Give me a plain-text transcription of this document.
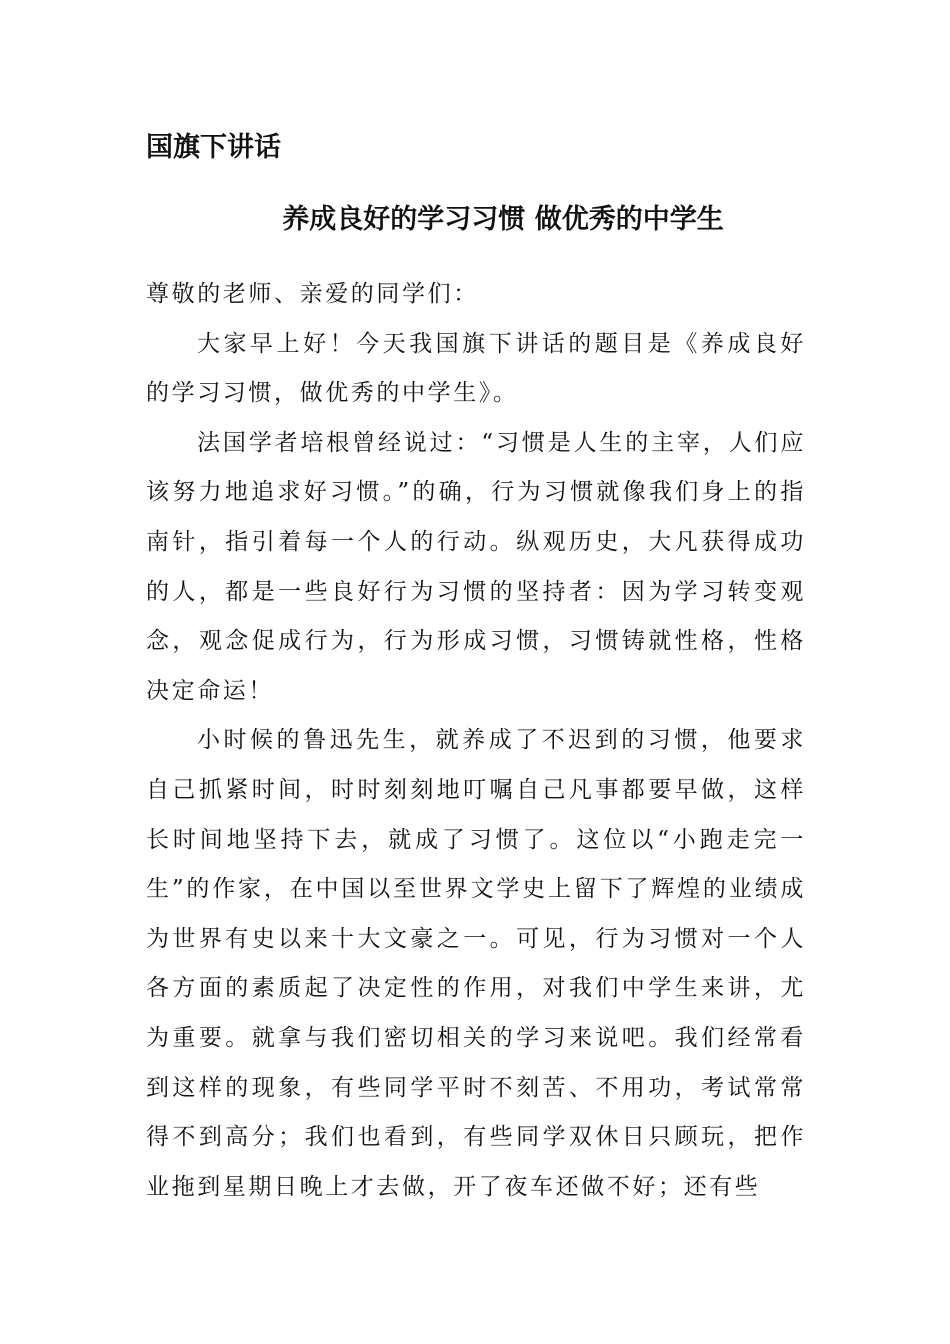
国旗下讲话
养成良好的学习习惯 做优秀的中学生

尊敬的老师、亲爱的同学们：

大家早上好！今天我国旗下讲话的题目是《养成良好的学习习惯，做优秀的中学生》。

法国学者培根曾经说过：“习惯是人生的主宰，人们应该努力地追求好习惯。”的确，行为习惯就像我们身上的指南针，指引着每一个人的行动。纵观历史，大凡获得成功的人，都是一些良好行为习惯的坚持者：因为学习转变观念，观念促成行为，行为形成习惯，习惯铸就性格，性格决定命运！

小时候的鲁迅先生，就养成了不迟到的习惯，他要求自己抓紧时间，时时刻刻地叮嘱自己凡事都要早做，这样长时间地坚持下去，就成了习惯了。这位以“小跑走完一生”的作家，在中国以至世界文学史上留下了辉煌的业绩成为世界有史以来十大文豪之一。可见，行为习惯对一个人各方面的素质起了决定性的作用，对我们中学生来讲，尤为重要。就拿与我们密切相关的学习来说吧。我们经常看到这样的现象，有些同学平时不刻苦、不用功，考试常常得不到高分；我们也看到，有些同学双休日只顾玩，把作业拖到星期日晚上才去做，开了夜车还做不好；还有些
